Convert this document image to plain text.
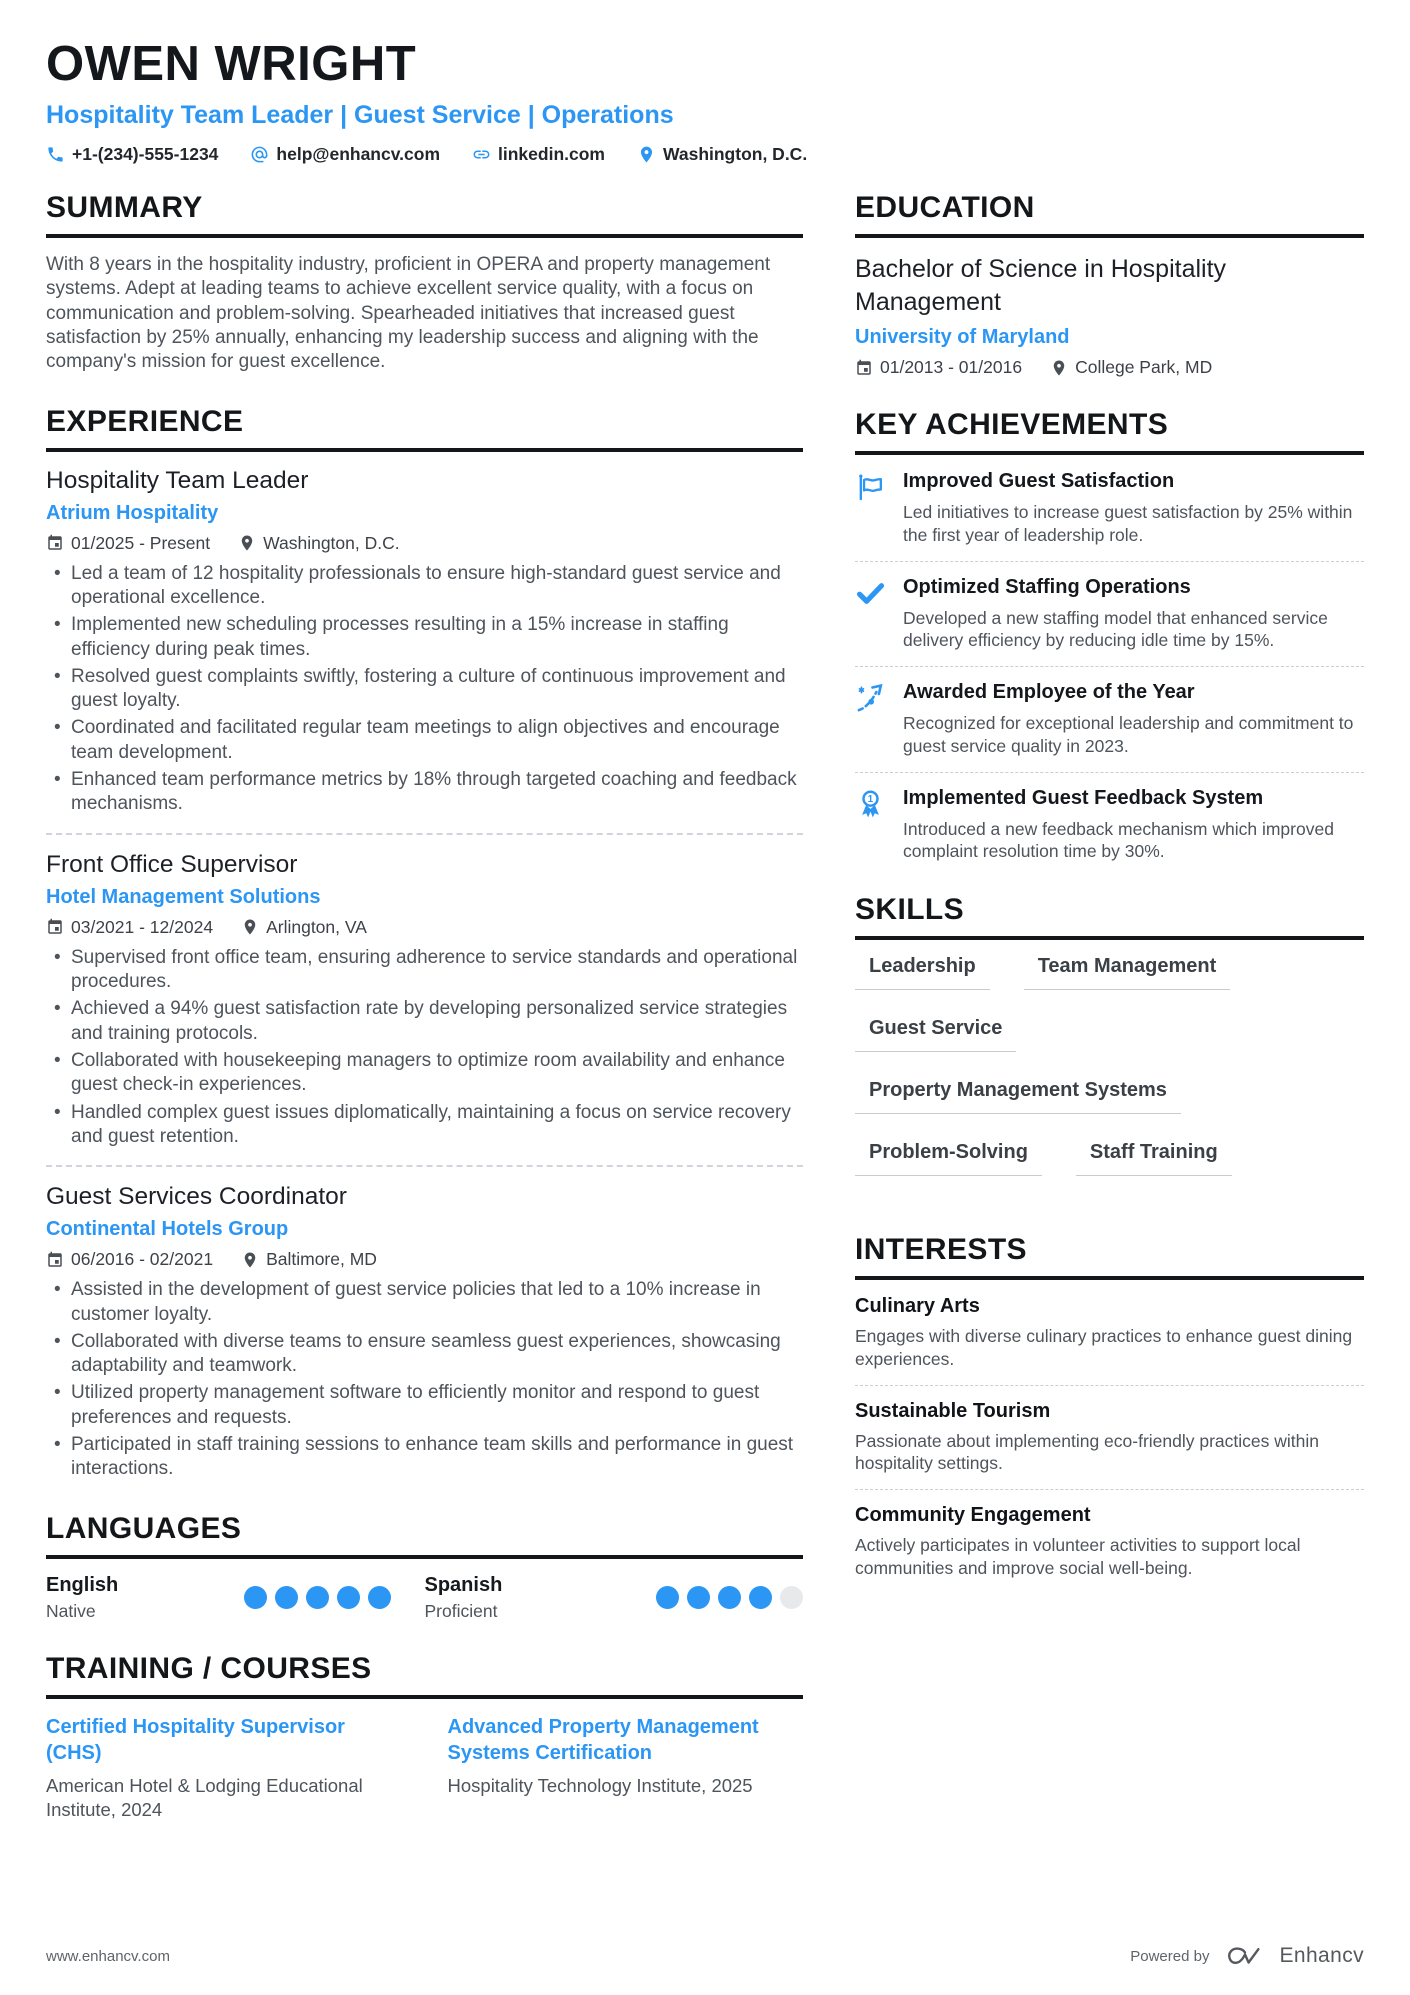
OWEN WRIGHT
Hospitality Team Leader | Guest Service | Operations
+1-(234)-555-1234	help@enhancv.com	linkedin.com	Washington, D.C.
SUMMARY

With 8 years in the hospitality industry, proficient in OPERA and property management systems. Adept at leading teams to achieve excellent service quality, with a focus on communication and problem-solving. Spearheaded initiatives that increased guest satisfaction by 25% annually, enhancing my leadership success and aligning with the company's mission for guest excellence.

EXPERIENCE
Hospitality Team Leader
Atrium Hospitality
01/2025 - Present	Washington, D.C.
• Led a team of 12 hospitality professionals to ensure high-standard guest service and operational excellence.
• Implemented new scheduling processes resulting in a 15% increase in staffing efficiency during peak times.
• Resolved guest complaints swiftly, fostering a culture of continuous improvement and guest loyalty.
• Coordinated and facilitated regular team meetings to align objectives and encourage team development.
• Enhanced team performance metrics by 18% through targeted coaching and feedback mechanisms.
Front Office Supervisor
Hotel Management Solutions
03/2021 - 12/2024	Arlington, VA
• Supervised front office team, ensuring adherence to service standards and operational procedures.
• Achieved a 94% guest satisfaction rate by developing personalized service strategies and training protocols.
• Collaborated with housekeeping managers to optimize room availability and enhance guest check-in experiences.
• Handled complex guest issues diplomatically, maintaining a focus on service recovery and guest retention.
Guest Services Coordinator
Continental Hotels Group
06/2016 - 02/2021	Baltimore, MD
• Assisted in the development of guest service policies that led to a 10% increase in customer loyalty.
• Collaborated with diverse teams to ensure seamless guest experiences, showcasing adaptability and teamwork.
• Utilized property management software to efficiently monitor and respond to guest preferences and requests.
• Participated in staff training sessions to enhance team skills and performance in guest interactions.
LANGUAGES
English
Native
Spanish
Proficient
TRAINING / COURSES
Certified Hospitality Supervisor (CHS)
American Hotel & Lodging Educational Institute, 2024
Advanced Property Management Systems Certification
Hospitality Technology Institute, 2025
EDUCATION
Bachelor of Science in Hospitality Management
University of Maryland
01/2013 - 01/2016	College Park, MD
KEY ACHIEVEMENTS
Improved Guest Satisfaction
Led initiatives to increase guest satisfaction by 25% within the first year of leadership role.
Optimized Staffing Operations
Developed a new staffing model that enhanced service delivery efficiency by reducing idle time by 15%.
Awarded Employee of the Year
Recognized for exceptional leadership and commitment to guest service quality in 2023.
1 Implemented Guest Feedback System
Introduced a new feedback mechanism which improved complaint resolution time by 30%.
SKILLS
Leadership	Team Management
Guest Service
Property Management Systems
Problem-Solving	Staff Training
INTERESTS
Culinary Arts
Engages with diverse culinary practices to enhance guest dining experiences.
Sustainable Tourism
Passionate about implementing eco-friendly practices within hospitality settings.
Community Engagement
Actively participates in volunteer activities to support local communities and improve social well-being.
www.enhancv.com	Powered by	Enhancv
